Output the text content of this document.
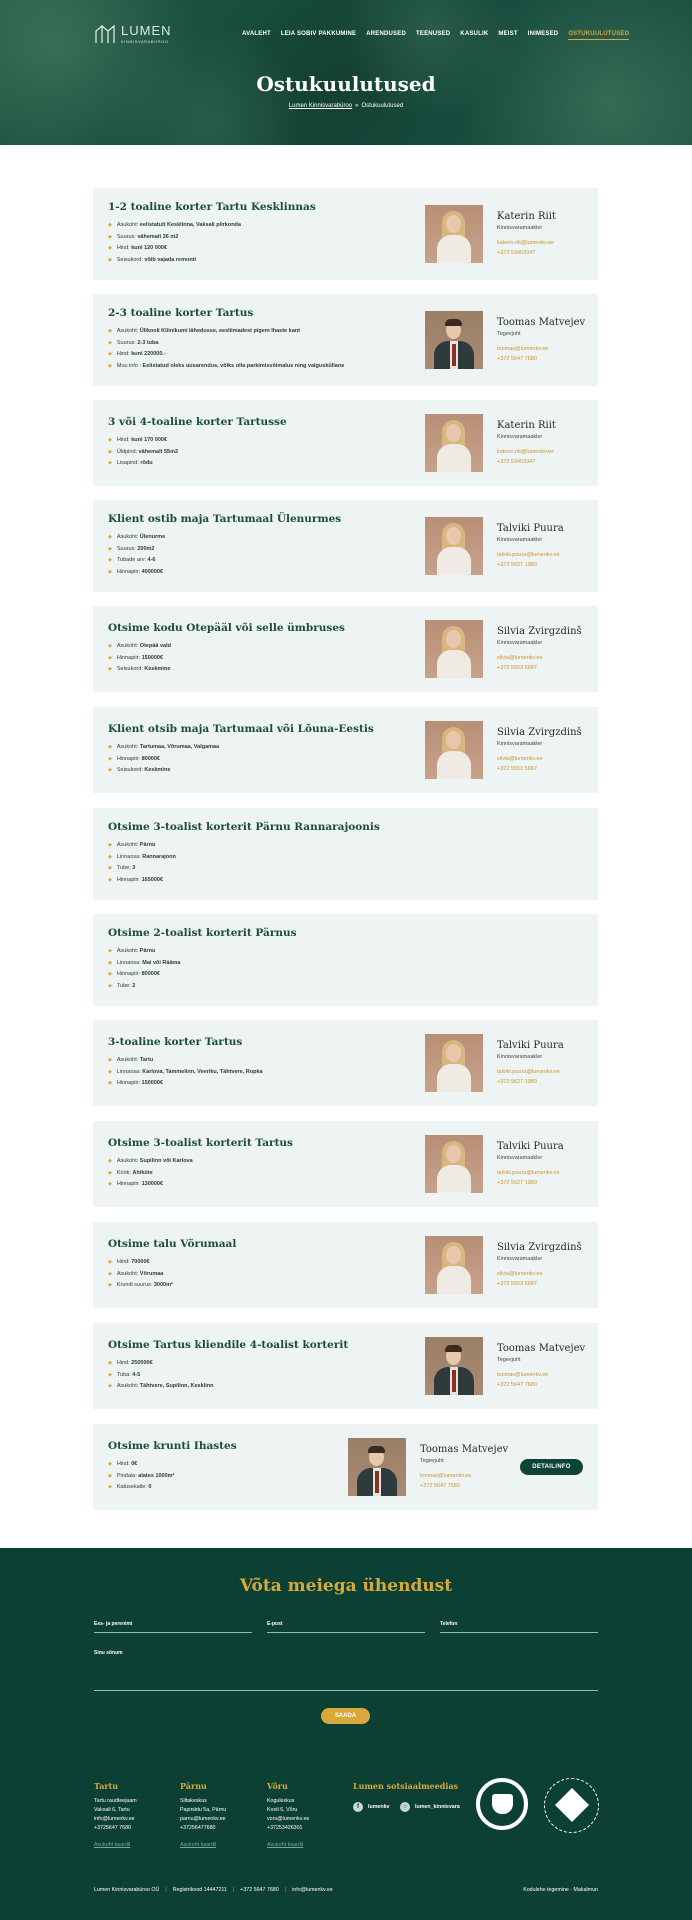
LUMEN
KINNISVARABÜROO
AVALEHT LEIA SOBIV PAKKUMINE ARENDUSED TEENUSED KASULIK MEIST INIMESED OSTUKUULUTUSED
Ostukuulutused
Lumen Kinnisvarabüroo » Ostukuulutused
1-2 toaline korter Tartu Kesklinnas
◆ Asukoht: eelistatult Kesklinna, Vaksali piirkonda
◆ Suurus: vähemalt 26 m2
◆ Hind: kuni 120 000€
◆ Seisukord: võib vajada remonti
Katerin Riit
Kinnisvaramaakler
katerin.riit@lumenkv.ee
+372 53453347
2-3 toaline korter Tartus
◆ Asukoht: Ülikooli Kliinikumi lähedusse, eesliimadest pigem Ihaste kant
◆ Suurus: 2-3 tuba
◆ Hind: kuni 220000.-
◆ Muu info : Eelistatud oleks uusarendus, võiks olla parkimisvõimalus ning valgusküllane
Toomas Matvejev
Tegevjuht
toomas@lumenkv.ee
+372 5647 7680
3 või 4-toaline korter Tartusse
◆ Hind: kuni 170 000€
◆ Üldpind: vähemalt 55m2
◆ Lisapind: rõdu
Katerin Riit
Kinnisvaramaakler
katerin.riit@lumenkv.ee
+372 53453347
Klient ostib maja Tartumaal Ülenurmes
◆ Asukoht: Ülenurme
◆ Suurus: 200m2
◆ Tubade arv: 4-6
◆ Hinnapiir: 400000€
Talviki Puura
Kinnisvaramaakler
talviki.puura@lumenkv.ee
+372 5627 1989
Otsime kodu Otepääl või selle ümbruses
◆ Asukoht: Otepää vald
◆ Hinnapiir: 150000€
◆ Seisukord: Keskmine
Silvia Zvirgzdinš
Kinnisvaramaakler
silvia@lumenkv.ee
+372 5553 5687
Klient otsib maja Tartumaal või Lõuna-Eestis
◆ Asukoht: Tartumaa, Võrumaa, Valgamaa
◆ Hinnapiir: 80000€
◆ Seisukord: Keskmine
Silvia Zvirgzdinš
Kinnisvaramaakler
silvia@lumenkv.ee
+372 5553 5687
Otsime 3-toalist korterit Pärnu Rannarajoonis
◆ Asukoht: Pärnu
◆ Linnaosa: Rannarajoon
◆ Tube: 3
◆ Hinnapiir: 165000€
Otsime 2-toalist korterit Pärnus
◆ Asukoht: Pärnu
◆ Linnaosa: Mai või Rääma
◆ Hinnapiir: 80000€
◆ Tube: 2
3-toaline korter Tartus
◆ Asukoht: Tartu
◆ Linnaosa: Karlova, Tammelinn, Veeriku, Tähtvere, Ropka
◆ Hinnapiir: 150000€
Talviki Puura
Kinnisvaramaakler
talviki.puura@lumenkv.ee
+372 5627 1989
Otsime 3-toalist korterit Tartus
◆ Asukoht: Supilinn või Karlova
◆ Köök: Ahiküte
◆ Hinnapiir: 130000€
Talviki Puura
Kinnisvaramaakler
talviki.puura@lumenkv.ee
+372 5627 1989
Otsime talu Võrumaal
◆ Hind: 70000€
◆ Asukoht: Võrumaa
◆ Krundi suurus: 3000m²
Silvia Zvirgzdinš
Kinnisvaramaakler
silvia@lumenkv.ee
+372 5553 5687
Otsime Tartus kliendile 4-toalist korterit
◆ Hind: 250000€
◆ Tuba: 4-5
◆ Asukoht: Tähtvere, Supilinn, Kesklinn
Toomas Matvejev
Tegevjuht
toomas@lumenkv.ee
+372 5647 7680
Otsime krunti Ihastes
◆ Hind: 0€
◆ Pindala: alates 1000m²
◆ Katusekalle: 0
Toomas Matvejev
Tegevjuht
toomas@lumenkv.ee
+372 5647 7680
DETAILINFO
Võta meiega ühendust
Ees- ja perenimi	E-post	Telefon
Sinu sõnum
SAADA
Tartu
Tartu raudteejaam
Vaksali 6, Tartu
info@lumenkv.ee
+3725647 7680
Asukoht kaardil
Pärnu
Siltakeskus
Papiniidu 5a, Pärnu
parnu@lumenkv.ee
+37256477680
Asukoht kaardil
Võru
Koguleskus
Kooli 6, Võru
voru@lumenkv.ee
+37253426301
Asukoht kaardil
Lumen sotsiaalmeedias
f	lumenkv	○	lumen_kinnisvara
Lumen Kinnisvarabüroo OÜ | Registrikood 14447211 | +372 5647 7680 | info@lumenkv.ee	Kodulehe tegemine - Makalmun
